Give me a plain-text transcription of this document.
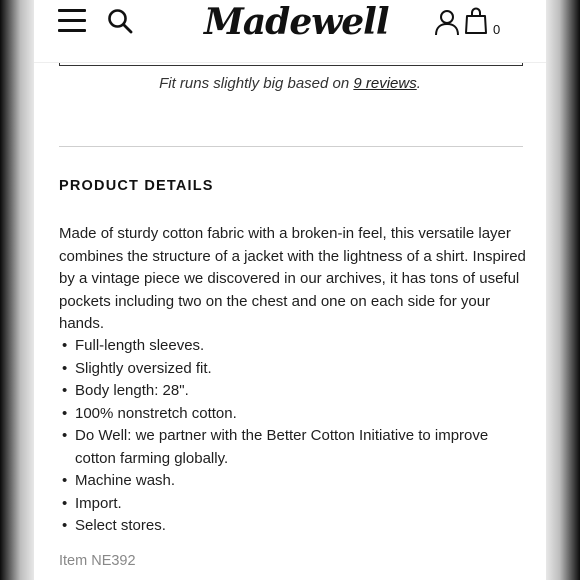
Madewell	0
Fit runs slightly big based on 9 reviews.
PRODUCT DETAILS

Made of sturdy cotton fabric with a broken-in feel, this versatile layer combines the structure of a jacket with the lightness of a shirt. Inspired by a vintage piece we discovered in our archives, it has tons of useful pockets including two on the chest and one on each side for your hands.

• Full-length sleeves.
• Slightly oversized fit.
• Body length: 28".
• 100% nonstretch cotton.
• Do Well: we partner with the Better Cotton Initiative to improve cotton farming globally.
• Machine wash.
• Import.
• Select stores.
Item NE392
